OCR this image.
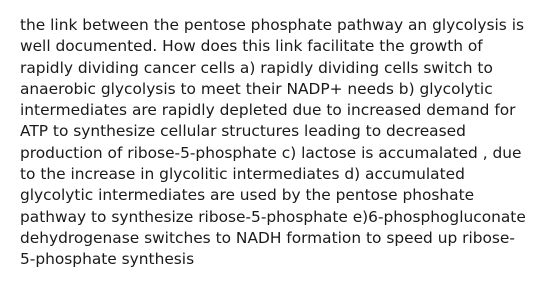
the link between the pentose phosphate pathway an glycolysis is
well documented. How does this link facilitate the growth of
rapidly dividing cancer cells a) rapidly dividing cells switch to
anaerobic glycolysis to meet their NADP+ needs b) glycolytic
intermediates are rapidly depleted due to increased demand for
ATP to synthesize cellular structures leading to decreased
production of ribose-5-phosphate c) lactose is accumalated , due
to the increase in glycolitic intermediates d) accumulated
glycolytic intermediates are used by the pentose phoshate
pathway to synthesize ribose-5-phosphate e)6-phosphogluconate
dehydrogenase switches to NADH formation to speed up ribose-
5-phosphate synthesis
